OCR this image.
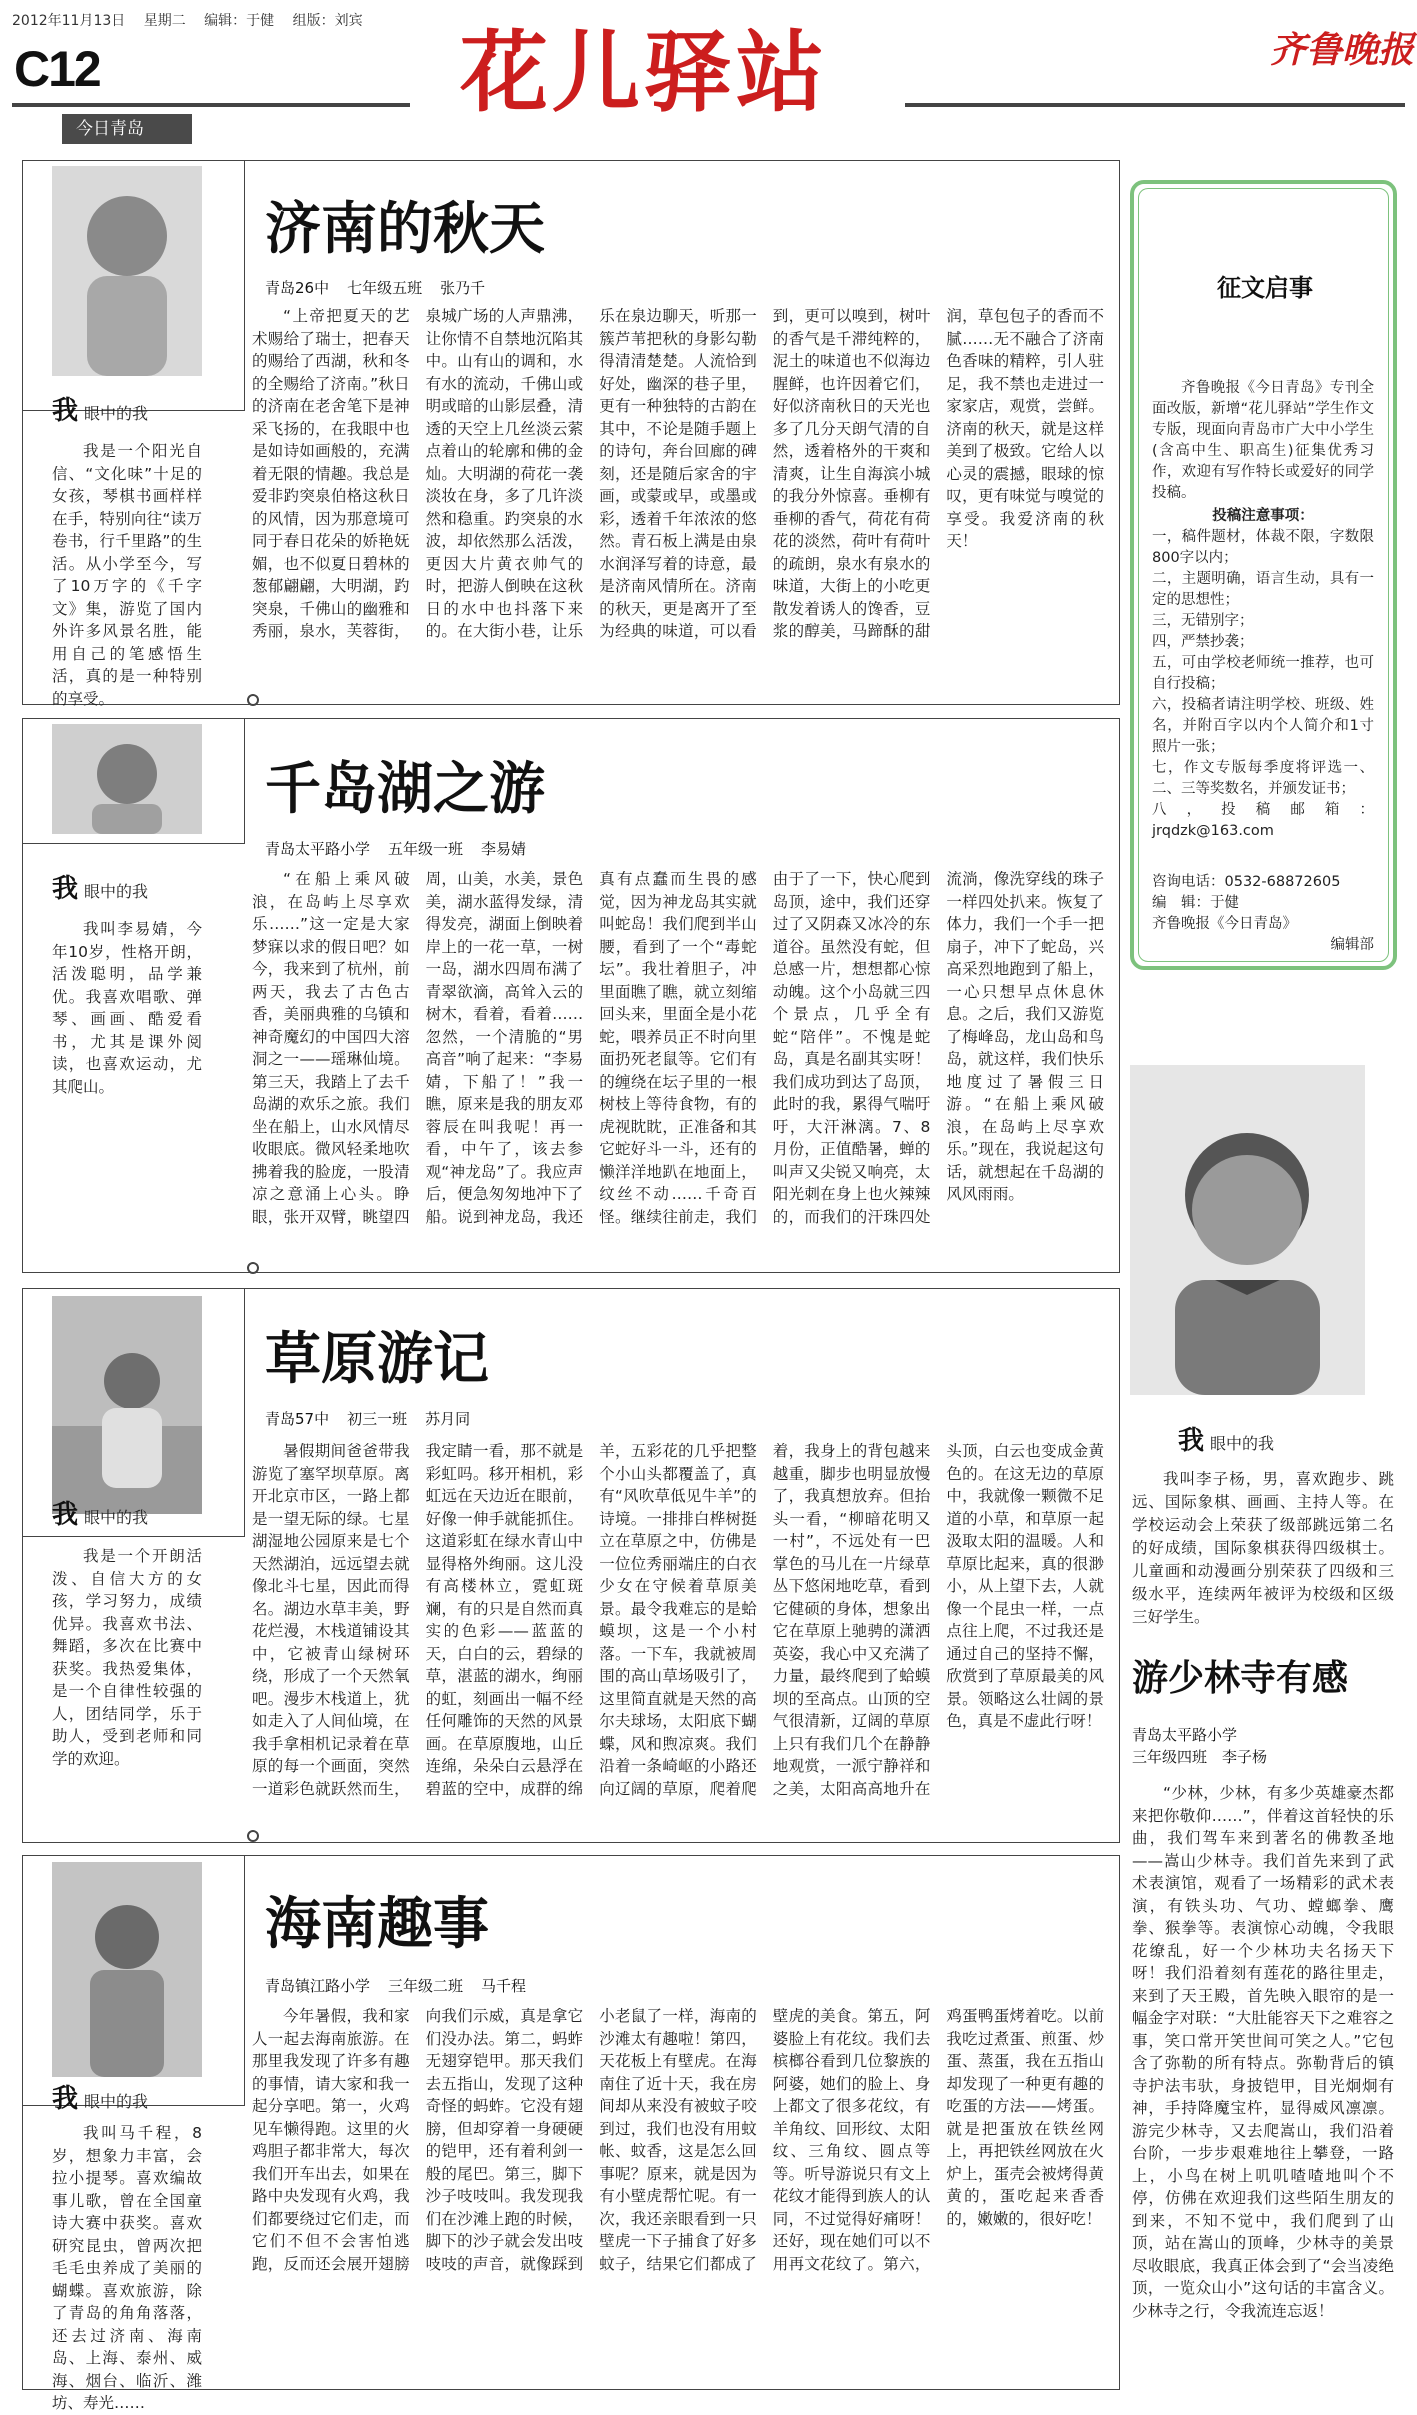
2012年11月13日 星期二 编辑：于健 组版：刘宾
C12
今日青岛
花儿驿站	齐鲁晚报
我眼中的我
我是一个阳光自信、“文化味”十足的女孩，琴棋书画样样在手，特别向往“读万卷书，行千里路”的生活。从小学至今，写了10万字的《千字文》集，游览了国内外许多风景名胜，能用自己的笔感悟生活，真的是一种特别的享受。
济南的秋天
青岛26中 七年级五班 张乃千
“上帝把夏天的艺术赐给了瑞士，把春天的赐给了西湖，秋和冬的全赐给了济南。”秋日的济南在老舍笔下是神采飞扬的，在我眼中也是如诗如画般的，充满着无限的情趣。我总是爱非趵突泉伯格这秋日的风情，因为那意境可同于春日花朵的娇艳妩媚，也不似夏日碧林的葱郁翩翩，大明湖，趵突泉，千佛山的幽雅和秀丽，泉水，芙蓉街，泉城广场的人声鼎沸，让你情不自禁地沉陷其中。山有山的调和，水有水的流动，千佛山或明或暗的山影层叠，清透的天空上几丝淡云萦点着山的轮廓和佛的金灿。大明湖的荷花一袭淡妆在身，多了几许淡然和稳重。趵突泉的水波，却依然那么活泼，更因大片黄衣帅气的时，把游人倒映在这秋日的水中也抖落下来的。在大街小巷，让乐乐在泉边聊天，听那一簇芦苇把秋的身影勾勒得清清楚楚。人流恰到好处，幽深的巷子里，更有一种独特的古韵在其中，不论是随手题上的诗句，奔台回廊的碑刻，还是随后家舍的宇画，或蒙或早，或墨或彩，透着千年浓浓的悠然。青石板上满是由泉水润泽写着的诗意，最是济南风情所在。济南的秋天，更是离开了至为经典的味道，可以看到，更可以嗅到，树叶的香气是千滞纯粹的，泥土的味道也不似海边腥鲜，也许因着它们，好似济南秋日的天光也多了几分天朗气清的自然，透着格外的干爽和清爽，让生自海滨小城的我分外惊喜。垂柳有垂柳的香气，荷花有荷花的淡然，荷叶有荷叶的疏朗，泉水有泉水的味道，大街上的小吃更散发着诱人的馋香，豆浆的醇美，马蹄酥的甜润，草包包子的香而不腻……无不融合了济南色香味的精粹，引人驻足，我不禁也走进过一家家店，观赏，尝鲜。济南的秋天，就是这样美到了极致。它给人以心灵的震撼，眼球的惊叹，更有味觉与嗅觉的享受。我爱济南的秋天！
我眼中的我
我叫李易婧，今年10岁，性格开朗，活泼聪明，品学兼优。我喜欢唱歌、弹琴、画画、酷爱看书，尤其是课外阅读，也喜欢运动，尤其爬山。
千岛湖之游
青岛太平路小学 五年级一班 李易婧
“在船上乘风破浪，在岛屿上尽享欢乐……”这一定是大家梦寐以求的假日吧？如今，我来到了杭州，前两天，我去了古色古香，美丽典雅的乌镇和神奇魔幻的中国四大溶洞之一——瑶琳仙境。第三天，我踏上了去千岛湖的欢乐之旅。我们坐在船上，山水风情尽收眼底。微风轻柔地吹拂着我的脸庞，一股清凉之意涌上心头。睁眼，张开双臂，眺望四周，山美，水美，景色美，湖水蓝得发绿，清得发亮，湖面上倒映着岸上的一花一草，一树一岛，湖水四周布满了青翠欲滴，高耸入云的树木，看着，看着……忽然，一个清脆的“男高音”响了起来：“李易婧，下船了！”我一瞧，原来是我的朋友邓蓉辰在叫我呢！再一看，中午了，该去参观“神龙岛”了。我应声后，便急匆匆地冲下了船。说到神龙岛，我还真有点蠢而生畏的感觉，因为神龙岛其实就叫蛇岛！我们爬到半山腰，看到了一个“毒蛇坛”。我壮着胆子，冲里面瞧了瞧，就立刻缩回头来，里面全是小花蛇，喂养员正不时向里面扔死老鼠等。它们有的缠绕在坛子里的一根树枝上等待食物，有的虎视眈眈，正准备和其它蛇好斗一斗，还有的懒洋洋地趴在地面上，纹丝不动……千奇百怪。继续往前走，我们由于了一下，快心爬到岛顶，途中，我们还穿过了又阴森又冰冷的东道谷。虽然没有蛇，但总感一片，想想都心惊动魄。这个小岛就三四个景点，几乎全有蛇“陪伴”。不愧是蛇岛，真是名副其实呀！我们成功到达了岛顶，此时的我，累得气喘吁吁，大汗淋漓。7、8月份，正值酷暑，蝉的叫声又尖锐又响亮，太阳光刺在身上也火辣辣的，而我们的汗珠四处流淌，像洗穿线的珠子一样四处扒来。恢复了体力，我们一个手一把扇子，冲下了蛇岛，兴高采烈地跑到了船上，一心只想早点休息休息。之后，我们又游览了梅峰岛，龙山岛和鸟岛，就这样，我们快乐地度过了暑假三日游。“在船上乘风破浪，在岛屿上尽享欢乐。”现在，我说起这句话，就想起在千岛湖的风风雨雨。
我眼中的我
我是一个开朗活泼、自信大方的女孩，学习努力，成绩优异。我喜欢书法、舞蹈，多次在比赛中获奖。我热爱集体，是一个自律性较强的人，团结同学，乐于助人，受到老师和同学的欢迎。
草原游记
青岛57中 初三一班 苏月同
暑假期间爸爸带我游览了塞罕坝草原。离开北京市区，一路上都是一望无际的绿。七星湖湿地公园原来是七个天然湖泊，远远望去就像北斗七星，因此而得名。湖边水草丰美，野花烂漫，木栈道铺设其中，它被青山绿树环绕，形成了一个天然氧吧。漫步木栈道上，犹如走入了人间仙境，在我手拿相机记录着在草原的每一个画面，突然一道彩色就跃然而生，我定睛一看，那不就是彩虹吗。移开相机，彩虹远在天边近在眼前，好像一伸手就能抓住。这道彩虹在绿水青山中显得格外绚丽。这儿没有高楼林立，霓虹斑斓，有的只是自然而真实的色彩——蓝蓝的天，白白的云，碧绿的草，湛蓝的湖水，绚丽的虹，刻画出一幅不经任何雕饰的天然的风景画。在草原腹地，山丘连绵，朵朵白云悬浮在碧蓝的空中，成群的绵羊，五彩花的几乎把整个小山头都覆盖了，真有“风吹草低见牛羊”的诗境。一排排白桦树挺立在草原之中，仿佛是一位位秀丽端庄的白衣少女在守候着草原美景。最令我难忘的是蛤蟆坝，这是一个小村落。一下车，我就被周围的高山草场吸引了，这里简直就是天然的高尔夫球场，太阳底下蝴蝶，风和煦凉爽。我们沿着一条崎岖的小路还向辽阔的草原，爬着爬着，我身上的背包越来越重，脚步也明显放慢了，我真想放弃。但抬头一看，“柳暗花明又一村”，不远处有一巴掌色的马儿在一片绿草丛下悠闲地吃草，看到它健硕的身体，想象出它在草原上驰骋的潇洒英姿，我心中又充满了力量，最终爬到了蛤蟆坝的至高点。山顶的空气很清新，辽阔的草原上只有我们几个在静静地观赏，一派宁静祥和之美，太阳高高地升在头顶，白云也变成金黄色的。在这无边的草原中，我就像一颗微不足道的小草，和草原一起汲取太阳的温暖。人和草原比起来，真的很渺小，从上望下去，人就像一个昆虫一样，一点点往上爬，不过我还是通过自己的坚持不懈，欣赏到了草原最美的风景。领略这么壮阔的景色，真是不虚此行呀！
我眼中的我
我叫马千程，8岁，想象力丰富，会拉小提琴。喜欢编故事儿歌，曾在全国童诗大赛中获奖。喜欢研究昆虫，曾两次把毛毛虫养成了美丽的蝴蝶。喜欢旅游，除了青岛的角角落落，还去过济南、海南岛、上海、泰州、威海、烟台、临沂、潍坊、寿光……
海南趣事
青岛镇江路小学 三年级二班 马千程
今年暑假，我和家人一起去海南旅游。在那里我发现了许多有趣的事情，请大家和我一起分享吧。第一，火鸡见车懒得跑。这里的火鸡胆子都非常大，每次我们开车出去，如果在路中央发现有火鸡，我们都要绕过它们走，而它们不但不会害怕逃跑，反而还会展开翅膀向我们示威，真是拿它们没办法。第二，蚂蚱无翅穿铠甲。那天我们去五指山，发现了这种奇怪的蚂蚱。它没有翅膀，但却穿着一身硬硬的铠甲，还有着利剑一般的尾巴。第三，脚下沙子吱吱叫。我发现我们在沙滩上跑的时候，脚下的沙子就会发出吱吱吱的声音，就像踩到小老鼠了一样，海南的沙滩太有趣啦！第四，天花板上有壁虎。在海南住了近十天，我在房间却从来没有被蚊子咬到过，我们也没有用蚊帐、蚊香，这是怎么回事呢？原来，就是因为有小壁虎帮忙呢。有一次，我还亲眼看到一只壁虎一下子捕食了好多蚊子，结果它们都成了壁虎的美食。第五，阿婆脸上有花纹。我们去槟榔谷看到几位黎族的阿婆，她们的脸上、身上都文了很多花纹，有羊角纹、回形纹、太阳纹、三角纹、圆点等等。听导游说只有文上花纹才能得到族人的认同，不过觉得好痛呀！还好，现在她们可以不用再文花纹了。第六，鸡蛋鸭蛋烤着吃。以前我吃过煮蛋、煎蛋、炒蛋、蒸蛋，我在五指山却发现了一种更有趣的吃蛋的方法——烤蛋。就是把蛋放在铁丝网上，再把铁丝网放在火炉上，蛋壳会被烤得黄黄的，蛋吃起来香香的，嫩嫩的，很好吃！
征文启事

齐鲁晚报《今日青岛》专刊全面改版，新增“花儿驿站”学生作文专版，现面向青岛市广大中小学生(含高中生、职高生)征集优秀习作，欢迎有写作特长或爱好的同学投稿。

投稿注意事项：

一，稿件题材，体裁不限，字数限800字以内；

二，主题明确，语言生动，具有一定的思想性；

三，无错别字；

四，严禁抄袭；

五，可由学校老师统一推荐，也可自行投稿；

六，投稿者请注明学校、班级、姓名，并附百字以内个人简介和1寸照片一张；

七，作文专版每季度将评选一、二、三等奖数名，并颁发证书；

八，投稿邮箱：jrqdzk@163.com

咨询电话：0532-68872605
编　辑：于健
齐鲁晚报《今日青岛》
编辑部
我眼中的我
我叫李子杨，男，喜欢跑步、跳远、国际象棋、画画、主持人等。在学校运动会上荣获了级部跳远第二名的好成绩，国际象棋获得四级棋士。儿童画和动漫画分别荣获了四级和三级水平，连续两年被评为校级和区级三好学生。
游少林寺有感
青岛太平路小学
三年级四班　 李子杨
“少林，少林，有多少英雄豪杰都来把你敬仰……”，伴着这首轻快的乐曲，我们驾车来到著名的佛教圣地——嵩山少林寺。我们首先来到了武术表演馆，观看了一场精彩的武术表演，有铁头功、气功、螳螂拳、鹰拳、猴拳等。表演惊心动魄，令我眼花缭乱，好一个少林功夫名扬天下呀！我们沿着刻有莲花的路往里走，来到了天王殿，首先映入眼帘的是一幅金字对联：“大肚能容天下之难容之事，笑口常开笑世间可笑之人。”它包含了弥勒的所有特点。弥勒背后的镇寺护法韦驮，身披铠甲，目光炯炯有神，手持降魔宝杵，显得威风凛凛。游完少林寺，又去爬嵩山，我们沿着台阶，一步步艰难地往上攀登，一路上，小鸟在树上叽叽喳喳地叫个不停，仿佛在欢迎我们这些陌生朋友的到来，不知不觉中，我们爬到了山顶，站在嵩山的顶峰，少林寺的美景尽收眼底，我真正体会到了“会当凌绝顶，一览众山小”这句话的丰富含义。少林寺之行，令我流连忘返！
